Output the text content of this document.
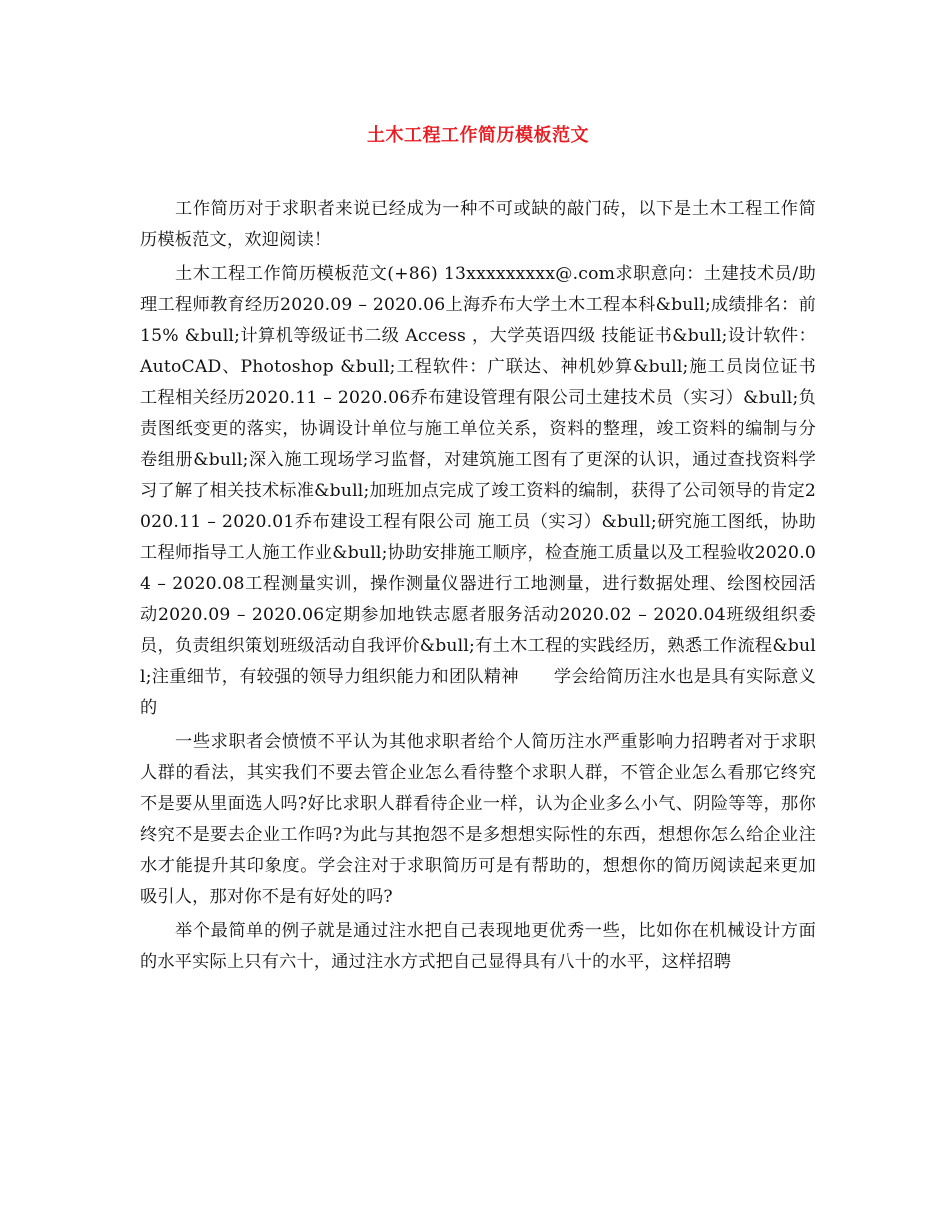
土木工程工作简历模板范文

工作简历对于求职者来说已经成为一种不可或缺的敲门砖，以下是土木工程工作简历模板范文，欢迎阅读！

土木工程工作简历模板范文(+86) 13xxxxxxxxx@.com求职意向：土建技术员/助理工程师教育经历2020.09 – 2020.06上海乔布大学土木工程本科&bull;成绩排名：前15% &bull;计算机等级证书二级 Access ，大学英语四级 技能证书&bull;设计软件：AutoCAD、Photoshop &bull;工程软件：广联达、神机妙算&bull;施工员岗位证书 工程相关经历2020.11 – 2020.06乔布建设管理有限公司土建技术员（实习）&bull;负责图纸变更的落实，协调设计单位与施工单位关系，资料的整理，竣工资料的编制与分卷组册&bull;深入施工现场学习监督，对建筑施工图有了更深的认识，通过查找资料学习了解了相关技术标准&bull;加班加点完成了竣工资料的编制，获得了公司领导的肯定2020.11 – 2020.01乔布建设工程有限公司 施工员（实习）&bull;研究施工图纸，协助工程师指导工人施工作业&bull;协助安排施工顺序，检查施工质量以及工程验收2020.04 – 2020.08工程测量实训，操作测量仪器进行工地测量，进行数据处理、绘图校园活动2020.09 – 2020.06定期参加地铁志愿者服务活动2020.02 – 2020.04班级组织委员，负责组织策划班级活动自我评价&bull;有土木工程的实践经历，熟悉工作流程&bull;注重细节，有较强的领导力组织能力和团队精神　　学会给简历注水也是具有实际意义的

一些求职者会愤愤不平认为其他求职者给个人简历注水严重影响力招聘者对于求职人群的看法，其实我们不要去管企业怎么看待整个求职人群，不管企业怎么看那它终究不是要从里面选人吗?好比求职人群看待企业一样，认为企业多么小气、阴险等等，那你终究不是要去企业工作吗?为此与其抱怨不是多想想实际性的东西，想想你怎么给企业注水才能提升其印象度。学会注对于求职简历可是有帮助的，想想你的简历阅读起来更加吸引人，那对你不是有好处的吗?

举个最简单的例子就是通过注水把自己表现地更优秀一些，比如你在机械设计方面的水平实际上只有六十，通过注水方式把自己显得具有八十的水平，这样招聘
